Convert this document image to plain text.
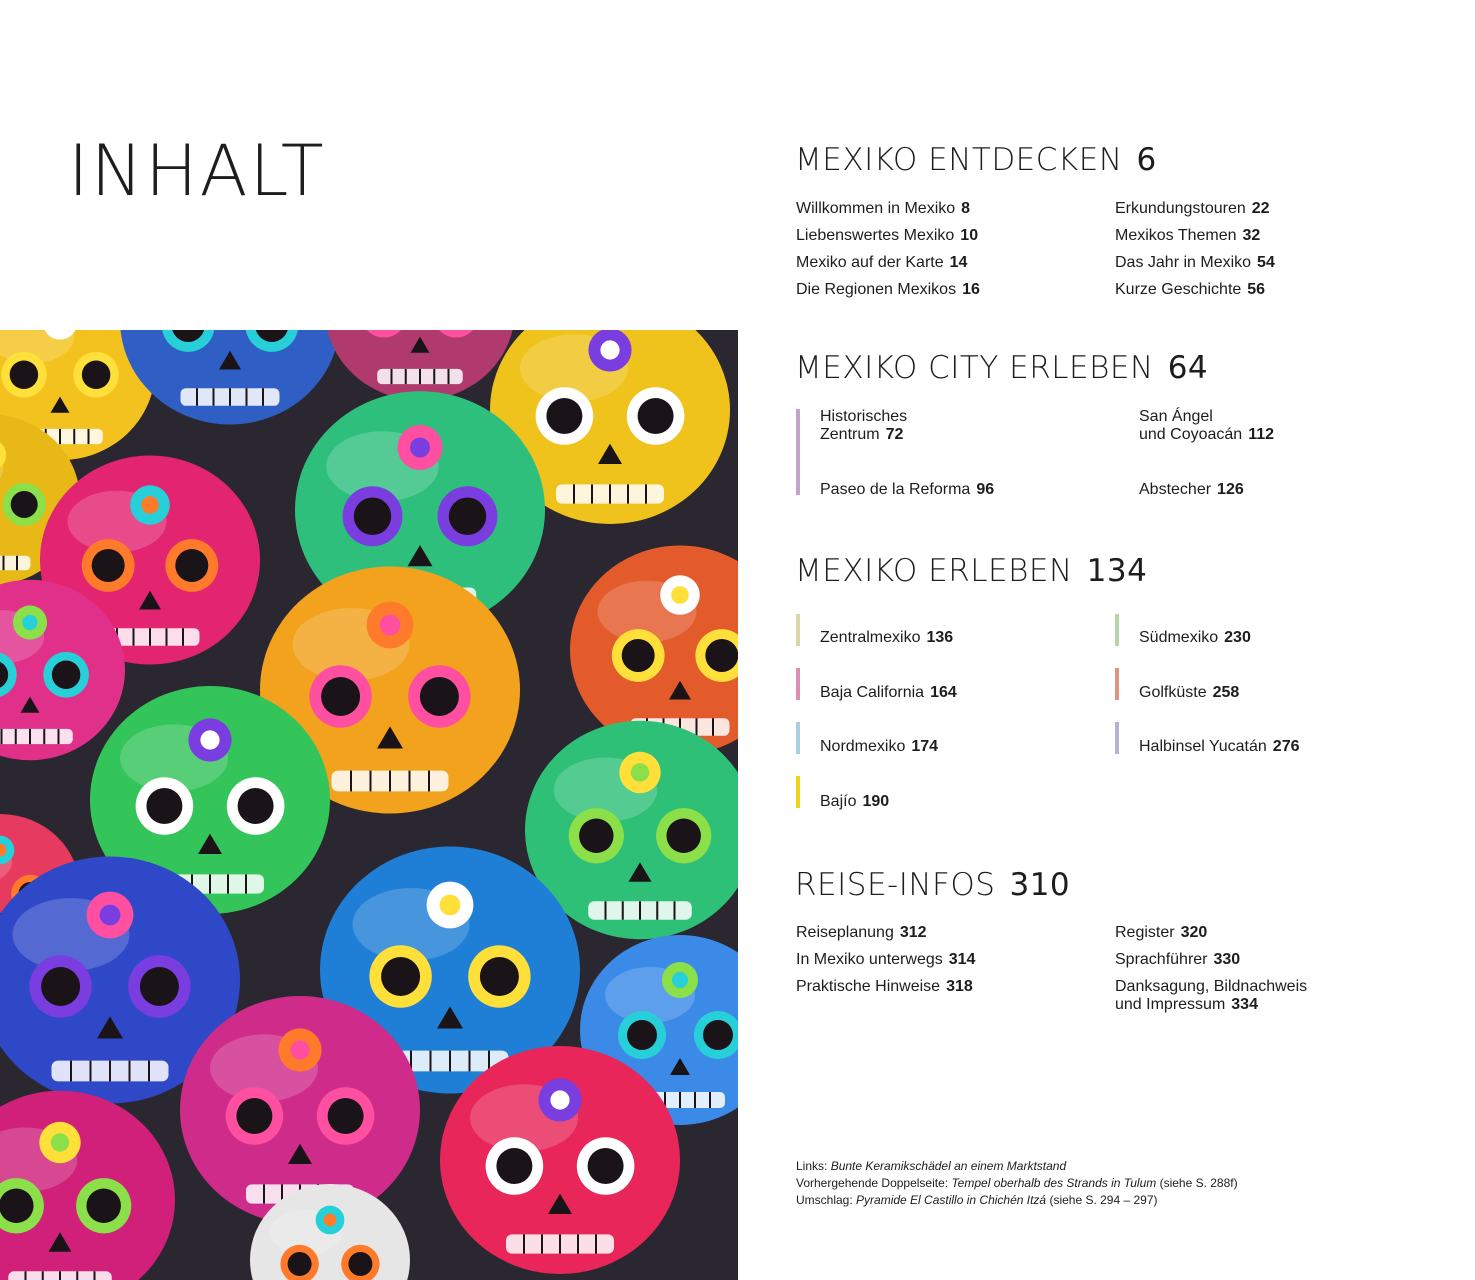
INHALT	MEXIKO ENTDECKEN 6
Willkommen in Mexiko 8
Liebenswertes Mexiko 10
Mexiko auf der Karte 14
Die Regionen Mexikos 16
Erkundungstouren 22
Mexikos Themen 32
Das Jahr in Mexiko 54
Kurze Geschichte 56
MEXIKO CITY ERLEBEN 64
Historisches
Zentrum 72
Paseo de la Reforma 96
San Ángel
und Coyoacán 112
Abstecher 126
MEXIKO ERLEBEN 134
Zentralmexiko 136
Baja California 164
Nordmexiko 174
Bajío 190
Südmexiko 230
Golfküste 258
Halbinsel Yucatán 276
REISE-INFOS 310
Reiseplanung 312
In Mexiko unterwegs 314
Praktische Hinweise 318
Register 320
Sprachführer 330
Danksagung, Bildnachweis
und Impressum 334
Links: Bunte Keramikschädel an einem Marktstand
Vorhergehende Doppelseite: Tempel oberhalb des Strands in Tulum (siehe S. 288f)
Umschlag: Pyramide El Castillo in Chichén Itzá (siehe S. 294 – 297)
